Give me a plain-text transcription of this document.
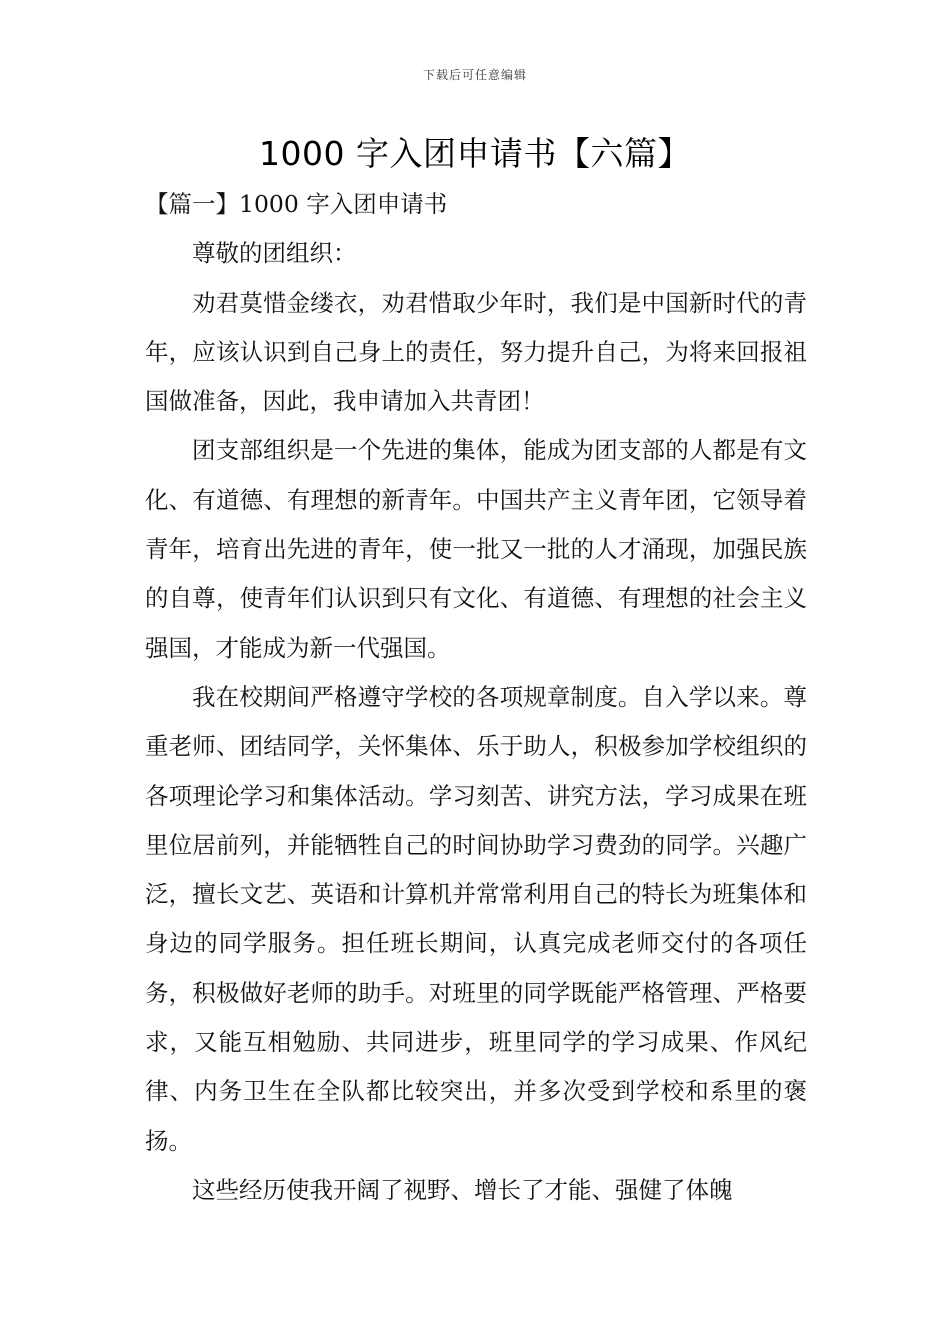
下载后可任意编辑
1000 字入团申请书【六篇】

【篇一】1000 字入团申请书

尊敬的团组织：

劝君莫惜金缕衣，劝君惜取少年时，我们是中国新时代的青年，应该认识到自己身上的责任，努力提升自己，为将来回报祖国做准备，因此，我申请加入共青团！

团支部组织是一个先进的集体，能成为团支部的人都是有文化、有道德、有理想的新青年。中国共产主义青年团，它领导着青年，培育出先进的青年，使一批又一批的人才涌现，加强民族的自尊，使青年们认识到只有文化、有道德、有理想的社会主义强国，才能成为新一代强国。

我在校期间严格遵守学校的各项规章制度。自入学以来。尊重老师、团结同学，关怀集体、乐于助人，积极参加学校组织的各项理论学习和集体活动。学习刻苦、讲究方法，学习成果在班里位居前列，并能牺牲自己的时间协助学习费劲的同学。兴趣广泛，擅长文艺、英语和计算机并常常利用自己的特长为班集体和身边的同学服务。担任班长期间，认真完成老师交付的各项任务，积极做好老师的助手。对班里的同学既能严格管理、严格要求，又能互相勉励、共同进步，班里同学的学习成果、作风纪律、内务卫生在全队都比较突出，并多次受到学校和系里的褒扬。

这些经历使我开阔了视野、增长了才能、强健了体魄
